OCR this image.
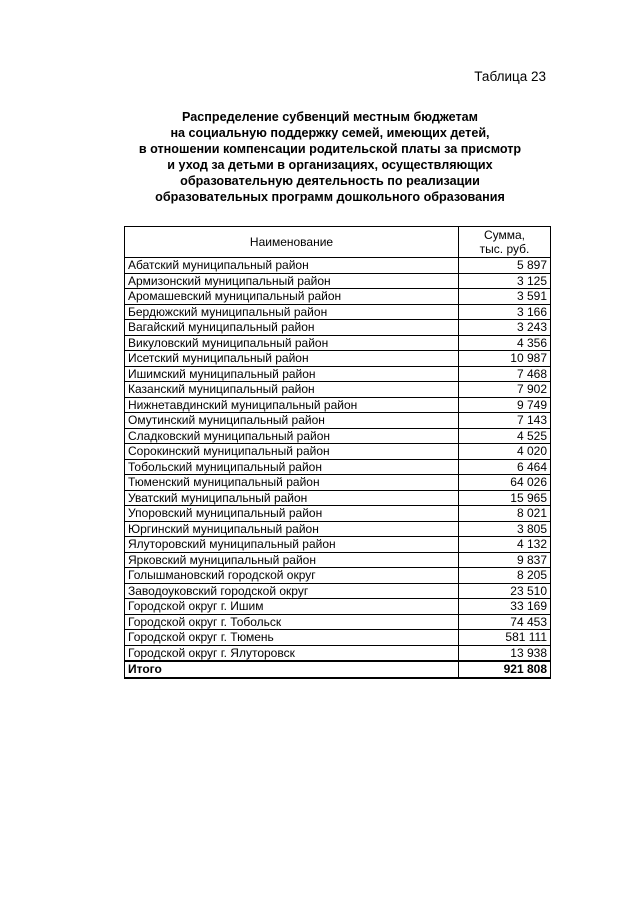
Таблица 23
Распределение субвенций местным бюджетам
на социальную поддержку семей, имеющих детей,
в отношении компенсации родительской платы за присмотр
и уход за детьми в организациях, осуществляющих
образовательную деятельность по реализации
образовательных программ дошкольного образования
Наименование	Сумма,
тыс. руб.
Абатский муниципальный район	5 897
Армизонский муниципальный район	3 125
Аромашевский муниципальный район	3 591
Бердюжский муниципальный район	3 166
Вагайский муниципальный район	3 243
Викуловский муниципальный район	4 356
Исетский муниципальный район	10 987
Ишимский муниципальный район	7 468
Казанский муниципальный район	7 902
Нижнетавдинский муниципальный район	9 749
Омутинский муниципальный район	7 143
Сладковский муниципальный район	4 525
Сорокинский муниципальный район	4 020
Тобольский муниципальный район	6 464
Тюменский муниципальный район	64 026
Уватский муниципальный район	15 965
Упоровский муниципальный район	8 021
Юргинский муниципальный район	3 805
Ялуторовский муниципальный район	4 132
Ярковский муниципальный район	9 837
Голышмановский городской округ	8 205
Заводоуковский городской округ	23 510
Городской округ г. Ишим	33 169
Городской округ г. Тобольск	74 453
Городской округ г. Тюмень	581 111
Городской округ г. Ялуторовск	13 938
Итого	921 808
